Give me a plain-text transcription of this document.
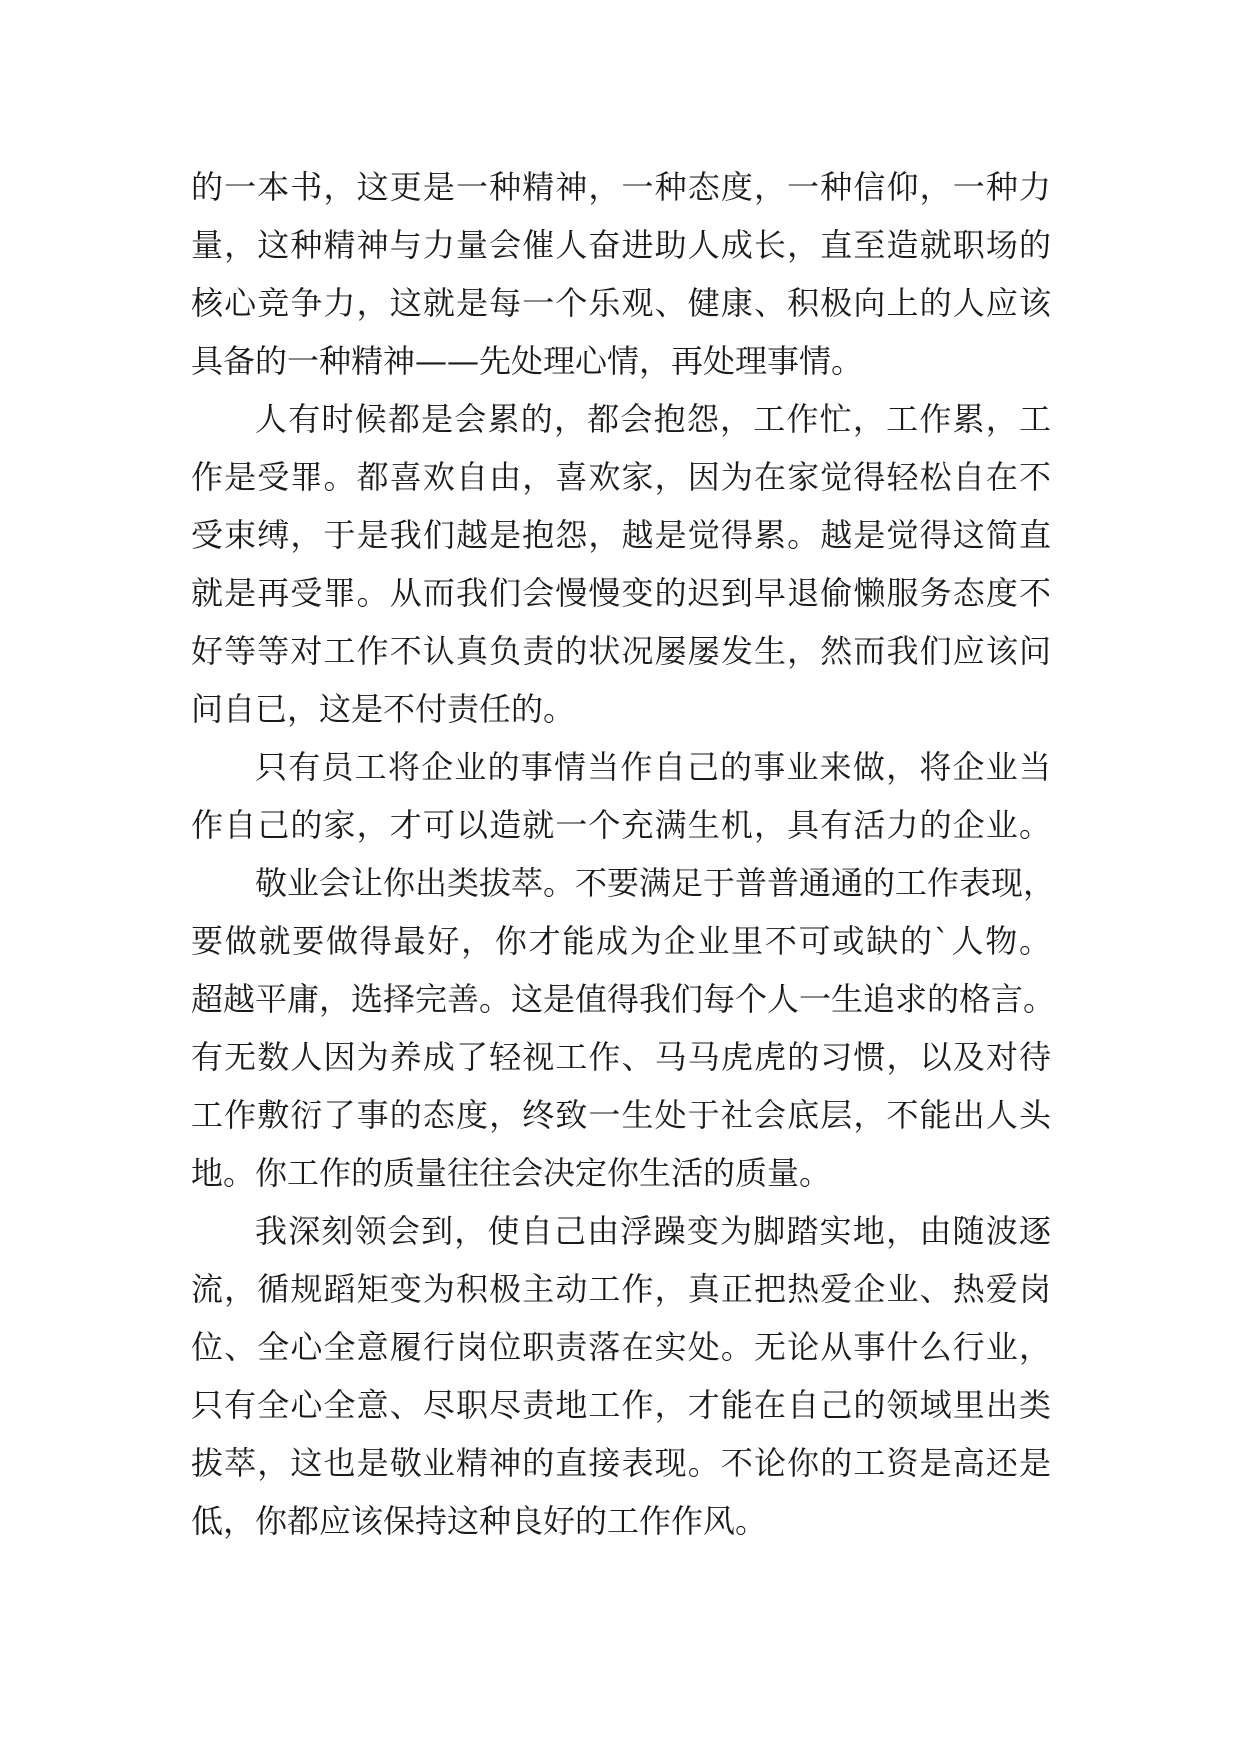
的一本书，这更是一种精神，一种态度，一种信仰，一种力
量，这种精神与力量会催人奋进助人成长，直至造就职场的
核心竞争力，这就是每一个乐观、健康、积极向上的人应该
具备的一种精神——先处理心情，再处理事情。
人有时候都是会累的，都会抱怨，工作忙，工作累，工
作是受罪。都喜欢自由，喜欢家，因为在家觉得轻松自在不
受束缚，于是我们越是抱怨，越是觉得累。越是觉得这简直
就是再受罪。从而我们会慢慢变的迟到早退偷懒服务态度不
好等等对工作不认真负责的状况屡屡发生，然而我们应该问
问自已，这是不付责任的。
只有员工将企业的事情当作自己的事业来做，将企业当
作自己的家，才可以造就一个充满生机，具有活力的企业。
敬业会让你出类拔萃。不要满足于普普通通的工作表现，
要做就要做得最好，你才能成为企业里不可或缺的`人物。
超越平庸，选择完善。这是值得我们每个人一生追求的格言。
有无数人因为养成了轻视工作、马马虎虎的习惯，以及对待
工作敷衍了事的态度，终致一生处于社会底层，不能出人头
地。你工作的质量往往会决定你生活的质量。
我深刻领会到，使自己由浮躁变为脚踏实地，由随波逐
流，循规蹈矩变为积极主动工作，真正把热爱企业、热爱岗
位、全心全意履行岗位职责落在实处。无论从事什么行业，
只有全心全意、尽职尽责地工作，才能在自己的领域里出类
拔萃，这也是敬业精神的直接表现。不论你的工资是高还是
低，你都应该保持这种良好的工作作风。
